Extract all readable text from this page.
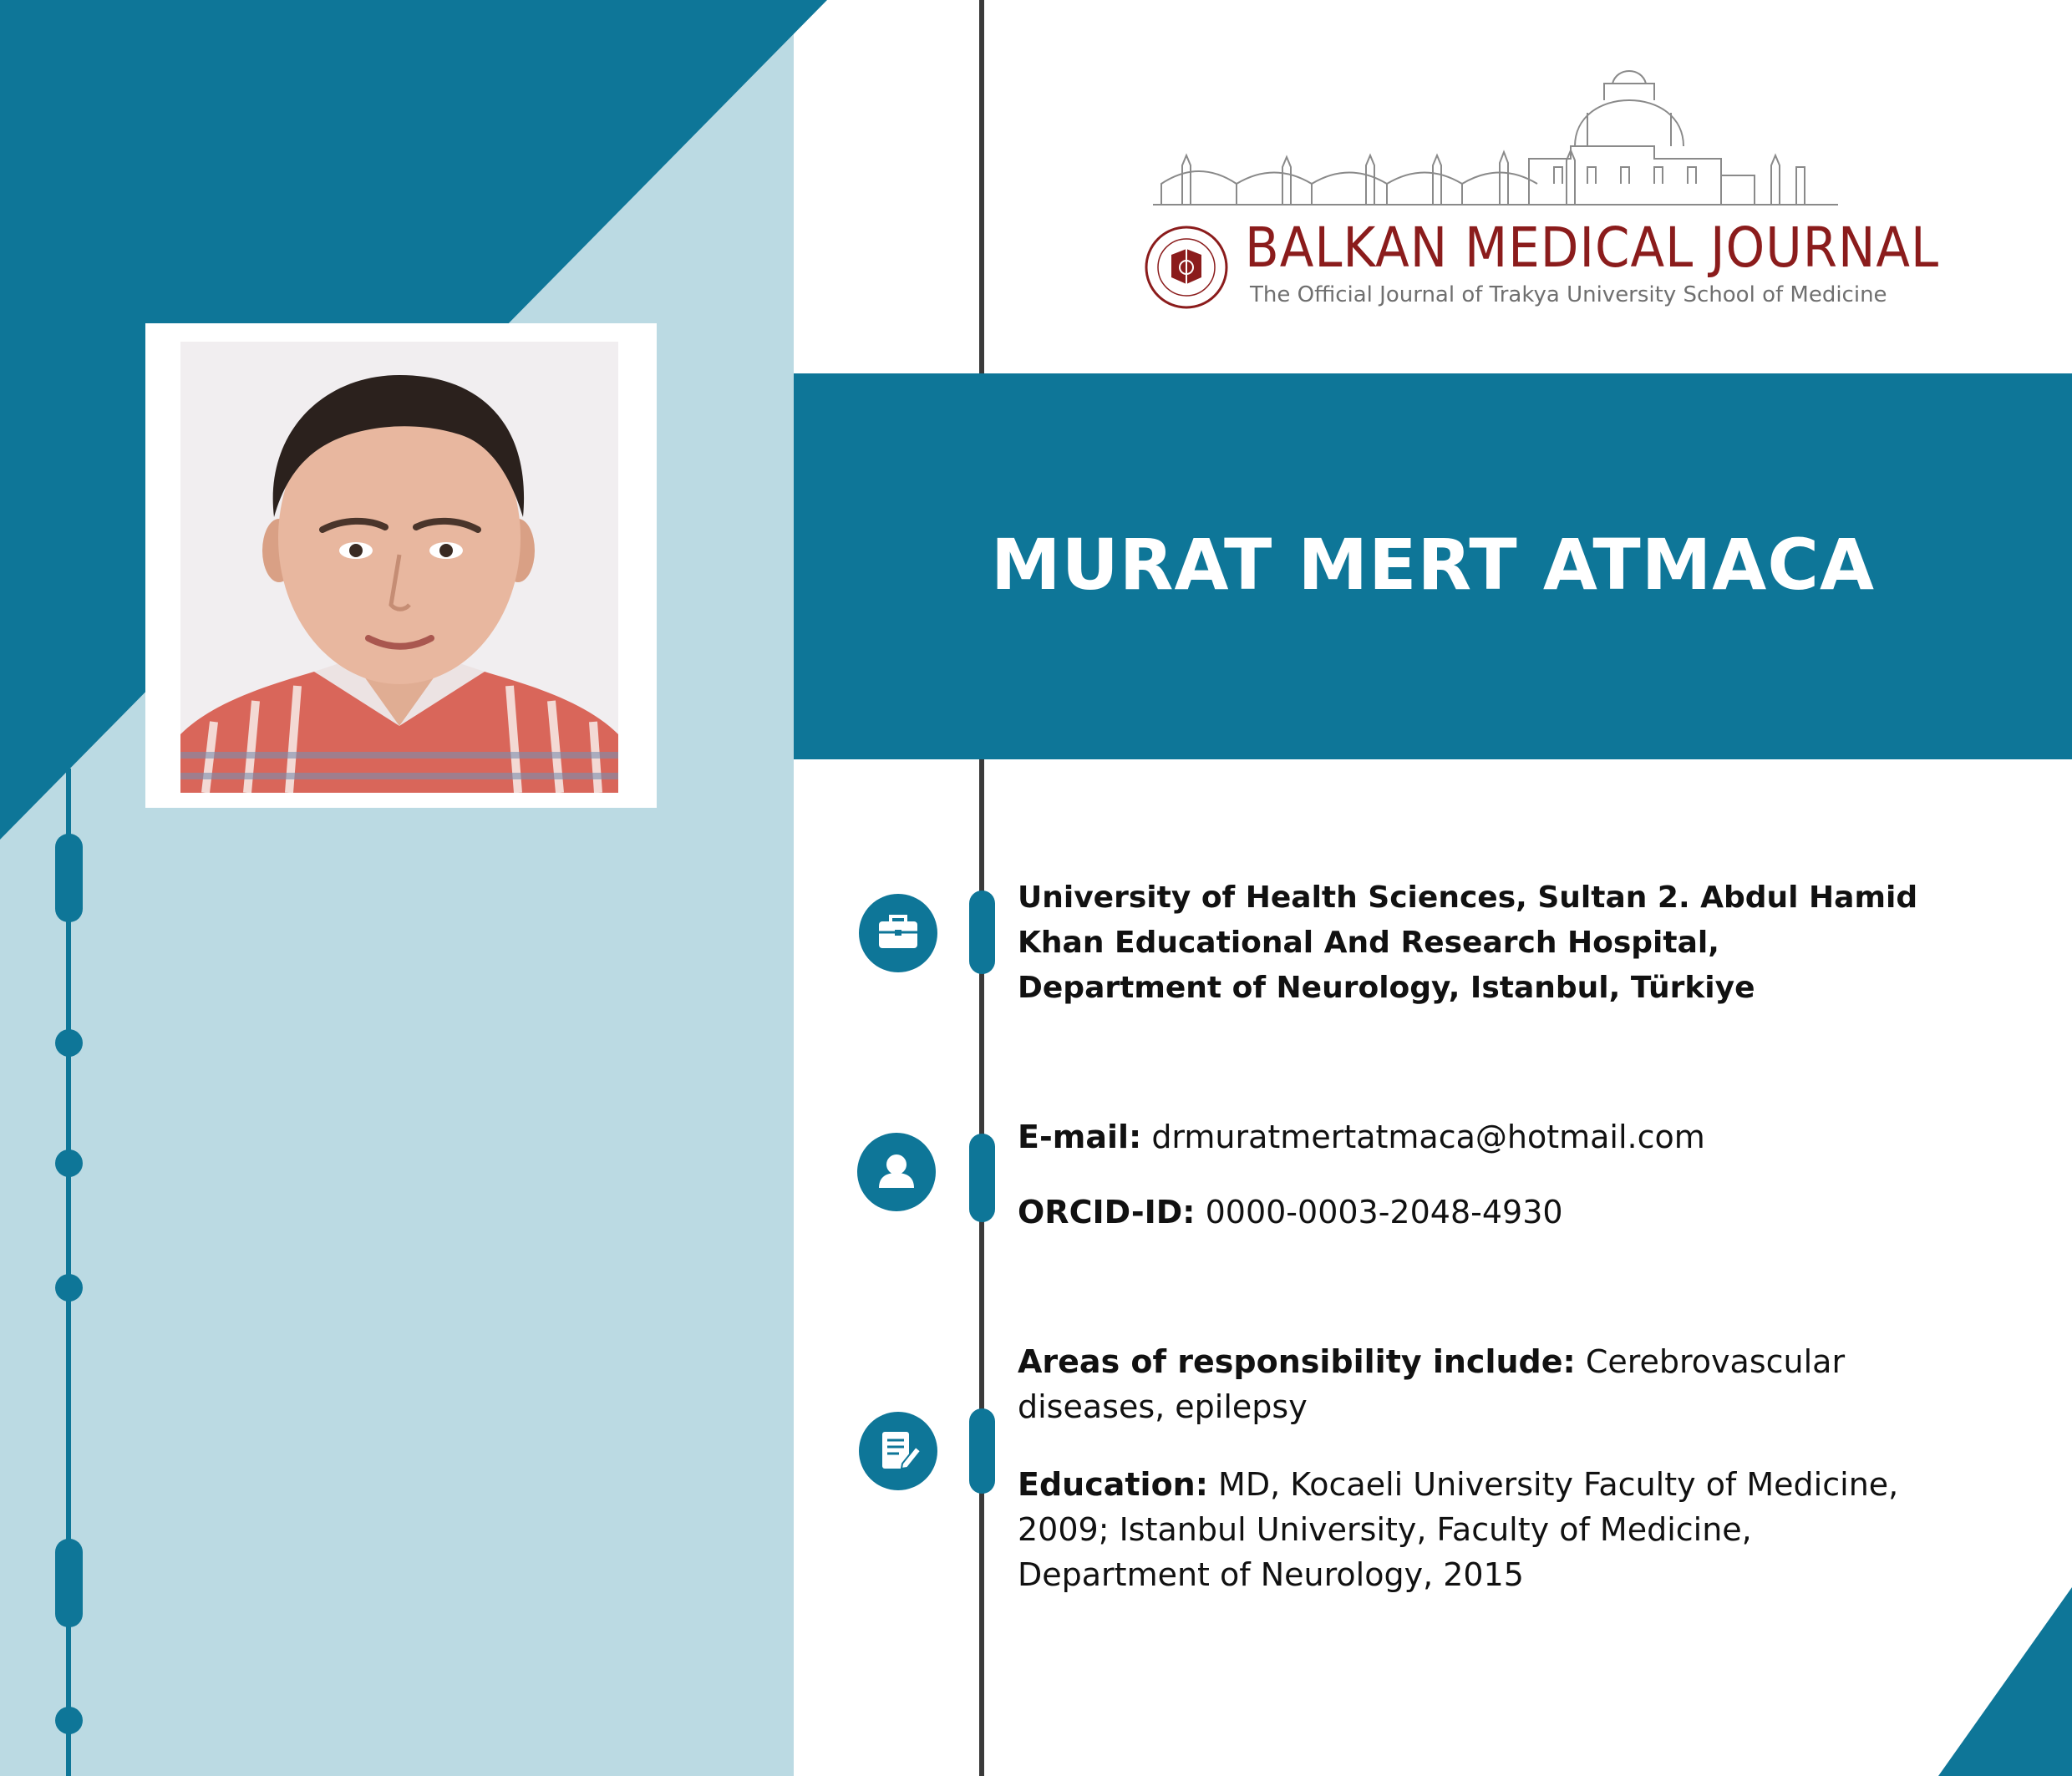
BALKAN MEDICAL JOURNAL
The Official Journal of Trakya University School of Medicine
MURAT MERT ATMACA
University of Health Sciences, Sultan 2. Abdul Hamid Khan Educational And Research Hospital, Department of Neurology, Istanbul, Türkiye
E-mail: drmuratmertatmaca@hotmail.com
ORCID-ID: 0000-0003-2048-4930
Areas of responsibility include: Cerebrovascular diseases, epilepsy
Education: MD, Kocaeli University Faculty of Medicine, 2009; Istanbul University, Faculty of Medicine, Department of Neurology, 2015
